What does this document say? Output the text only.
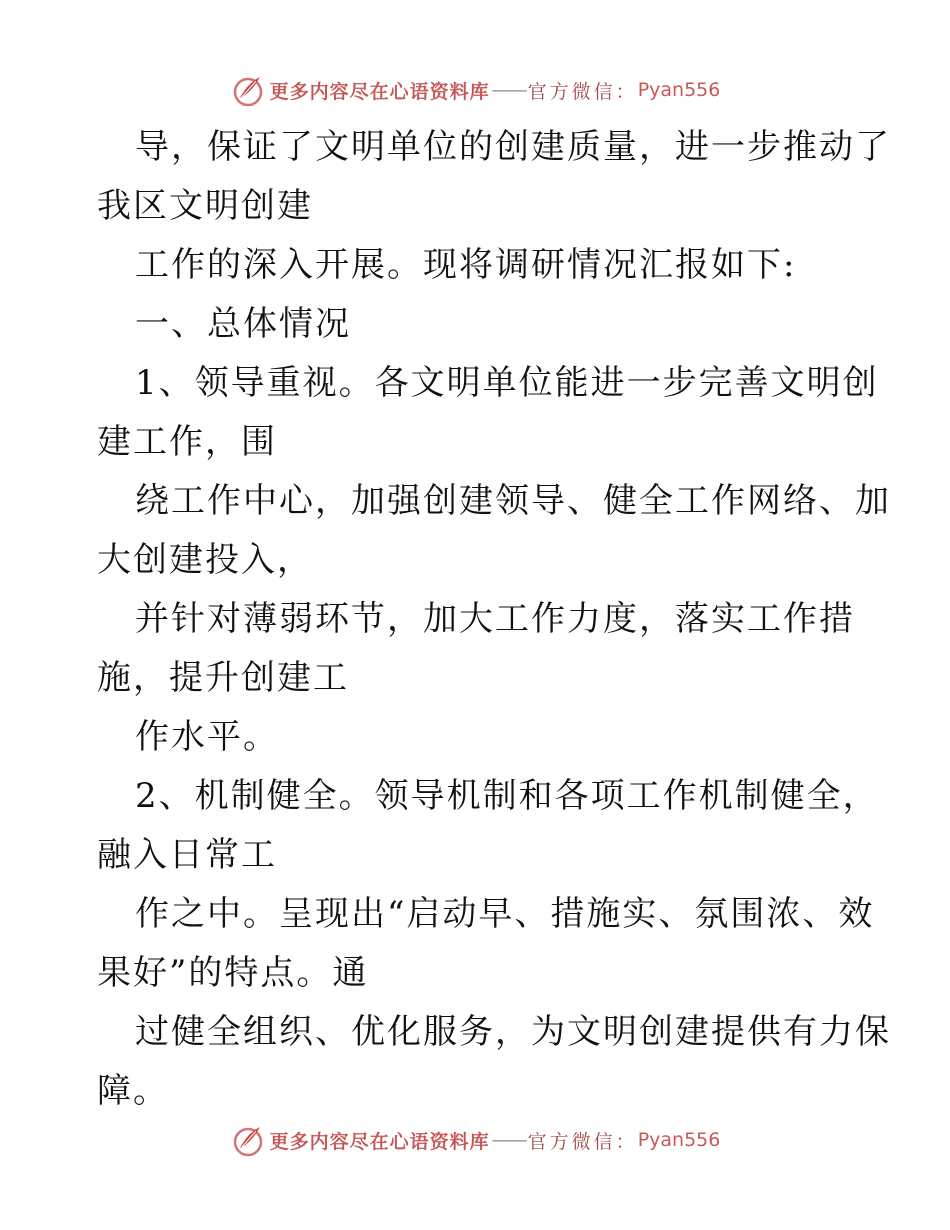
更多内容尽在心语资料库 —— 官方微信： Pyan556
导，保证了文明单位的创建质量，进一步推动了
我区文明创建
工作的深入开展。现将调研情况汇报如下:
一、总体情况
1、领导重视。各文明单位能进一步完善文明创
建工作，围
绕工作中心，加强创建领导、健全工作网络、加
大创建投入，
并针对薄弱环节，加大工作力度，落实工作措
施，提升创建工
作水平。
2、机制健全。领导机制和各项工作机制健全，
融入日常工
作之中。呈现出“启动早、措施实、氛围浓、效
果好”的特点。通
过健全组织、优化服务，为文明创建提供有力保
障。
更多内容尽在心语资料库 —— 官方微信： Pyan556
